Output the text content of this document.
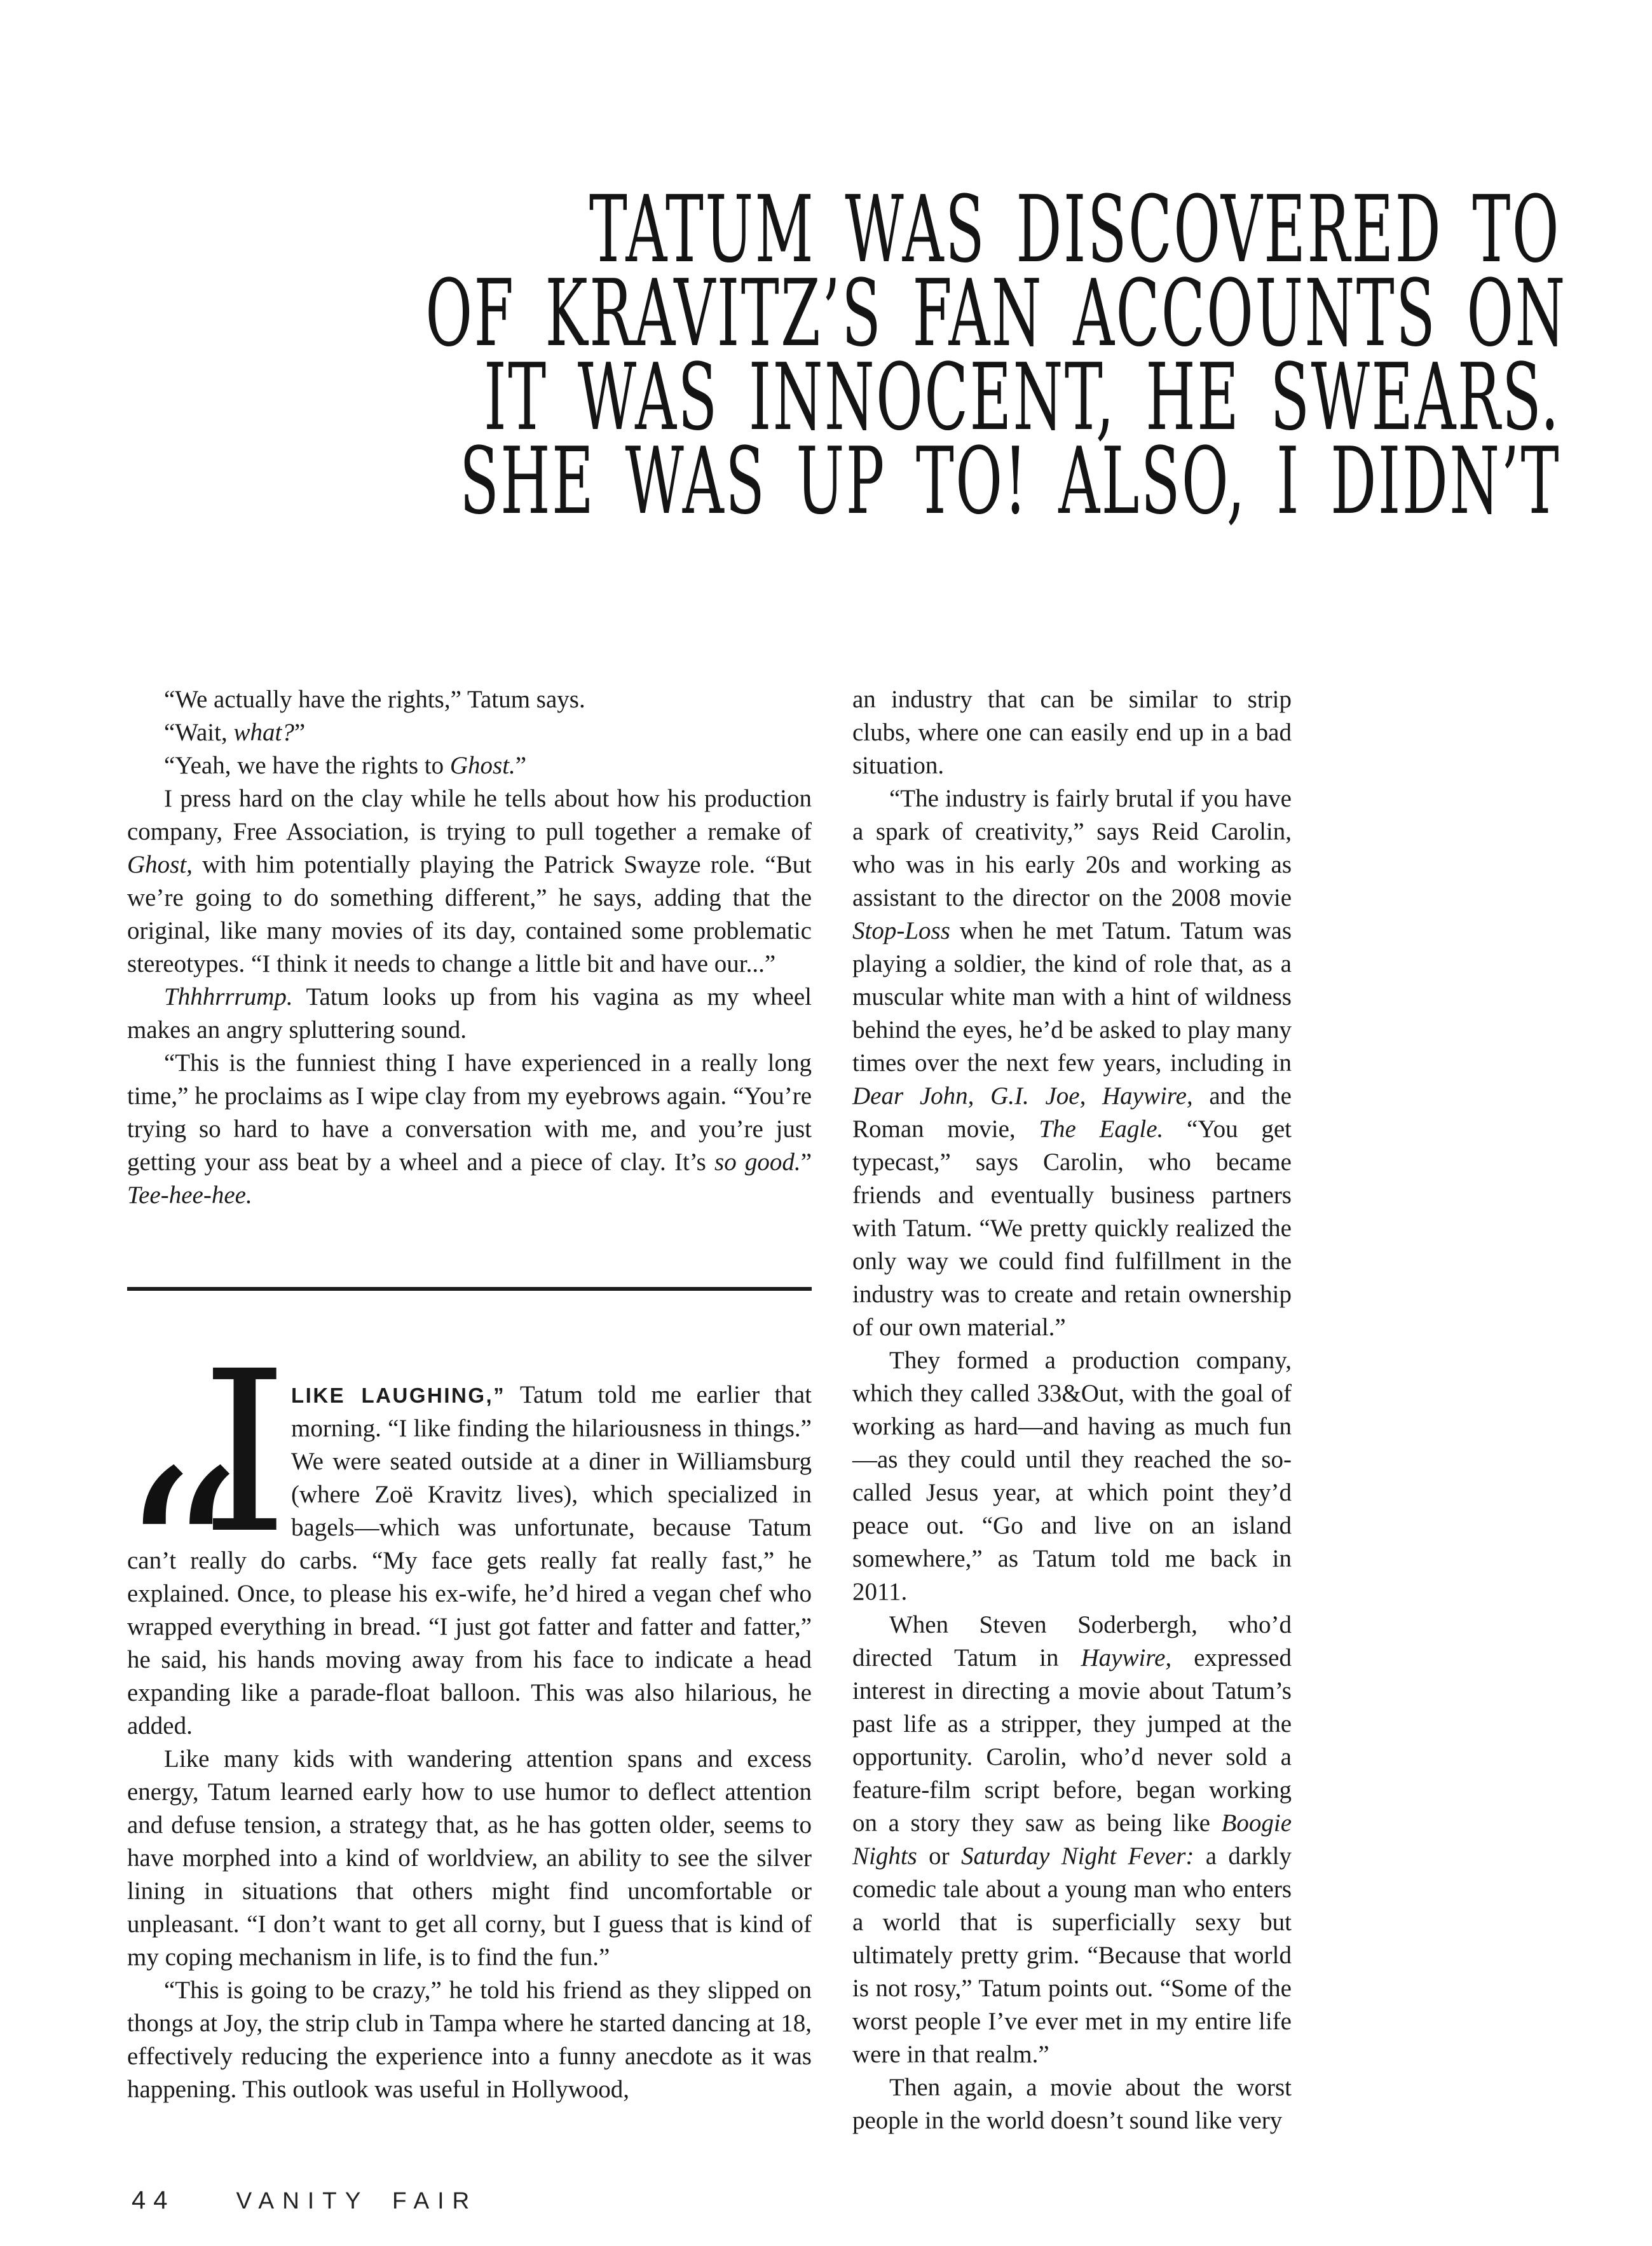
TATUM WAS DISCOVERED TO
OF KRAVITZ’S FAN ACCOUNTS ON
IT WAS INNOCENT, HE SWEARS.
SHE WAS UP TO! ALSO, I DIDN’T

“We actually have the rights,” Tatum says.

“Wait, what?”

“Yeah, we have the rights to Ghost.”

I press hard on the clay while he tells about how his production company, Free Association, is trying to pull together a remake of Ghost, with him potentially playing the Patrick Swayze role. “But we’re going to do something different,” he says, adding that the original, like many movies of its day, contained some problematic stereotypes. “I think it needs to change a little bit and have our...”

Thhhrrrump. Tatum looks up from his vagina as my wheel makes an angry spluttering sound.

“This is the funniest thing I have experienced in a really long time,” he proclaims as I wipe clay from my eyebrows again. “You’re trying so hard to have a conversation with me, and you’re just getting your ass beat by a wheel and a piece of clay. It’s so good.” Tee-hee-hee.

“
I LIKE LAUGHING,” Tatum told me earlier that morning. “I like finding the hilariousness in things.” We were seated outside at a diner in Williamsburg (where Zoë Kravitz lives), which specialized in bagels—which was unfortunate, because Tatum can’t really do carbs. “My face gets really fat really fast,” he explained. Once, to please his ex-wife, he’d hired a vegan chef who wrapped everything in bread. “I just got fatter and fatter and fatter,” he said, his hands moving away from his face to indicate a head expanding like a parade-float balloon. This was also hilarious, he added.

Like many kids with wandering attention spans and excess energy, Tatum learned early how to use humor to deflect attention and defuse tension, a strategy that, as he has gotten older, seems to have morphed into a kind of worldview, an ability to see the silver lining in situations that others might find uncomfortable or unpleasant. “I don’t want to get all corny, but I guess that is kind of my coping mechanism in life, is to find the fun.”

“This is going to be crazy,” he told his friend as they slipped on thongs at Joy, the strip club in Tampa where he started dancing at 18, effectively reducing the experience into a funny anecdote as it was happening. This outlook was useful in Hollywood,

an industry that can be similar to strip clubs, where one can easily end up in a bad situation.

“The industry is fairly brutal if you have a spark of creativity,” says Reid Carolin, who was in his early 20s and working as assistant to the director on the 2008 movie Stop-Loss when he met Tatum. Tatum was playing a soldier, the kind of role that, as a muscular white man with a hint of wildness behind the eyes, he’d be asked to play many times over the next few years, including in Dear John, G.I. Joe, Haywire, and the Roman movie, The Eagle. “You get typecast,” says Carolin, who became friends and eventually business partners with Tatum. “We pretty quickly realized the only way we could find fulfillment in the industry was to create and retain ownership of our own material.”

They formed a production company, which they called 33&Out, with the goal of working as hard—and having as much fun—as they could until they reached the so-called Jesus year, at which point they’d peace out. “Go and live on an island somewhere,” as Tatum told me back in 2011.

When Steven Soderbergh, who’d directed Tatum in Haywire, expressed interest in directing a movie about Tatum’s past life as a stripper, they jumped at the opportunity. Carolin, who’d never sold a feature-film script before, began working on a story they saw as being like Boogie Nights or Saturday Night Fever: a darkly comedic tale about a young man who enters a world that is superficially sexy but ultimately pretty grim. “Because that world is not rosy,” Tatum points out. “Some of the worst people I’ve ever met in my entire life were in that realm.”

Then again, a movie about the worst people in the world doesn’t sound like very

44	VANITY FAIR
